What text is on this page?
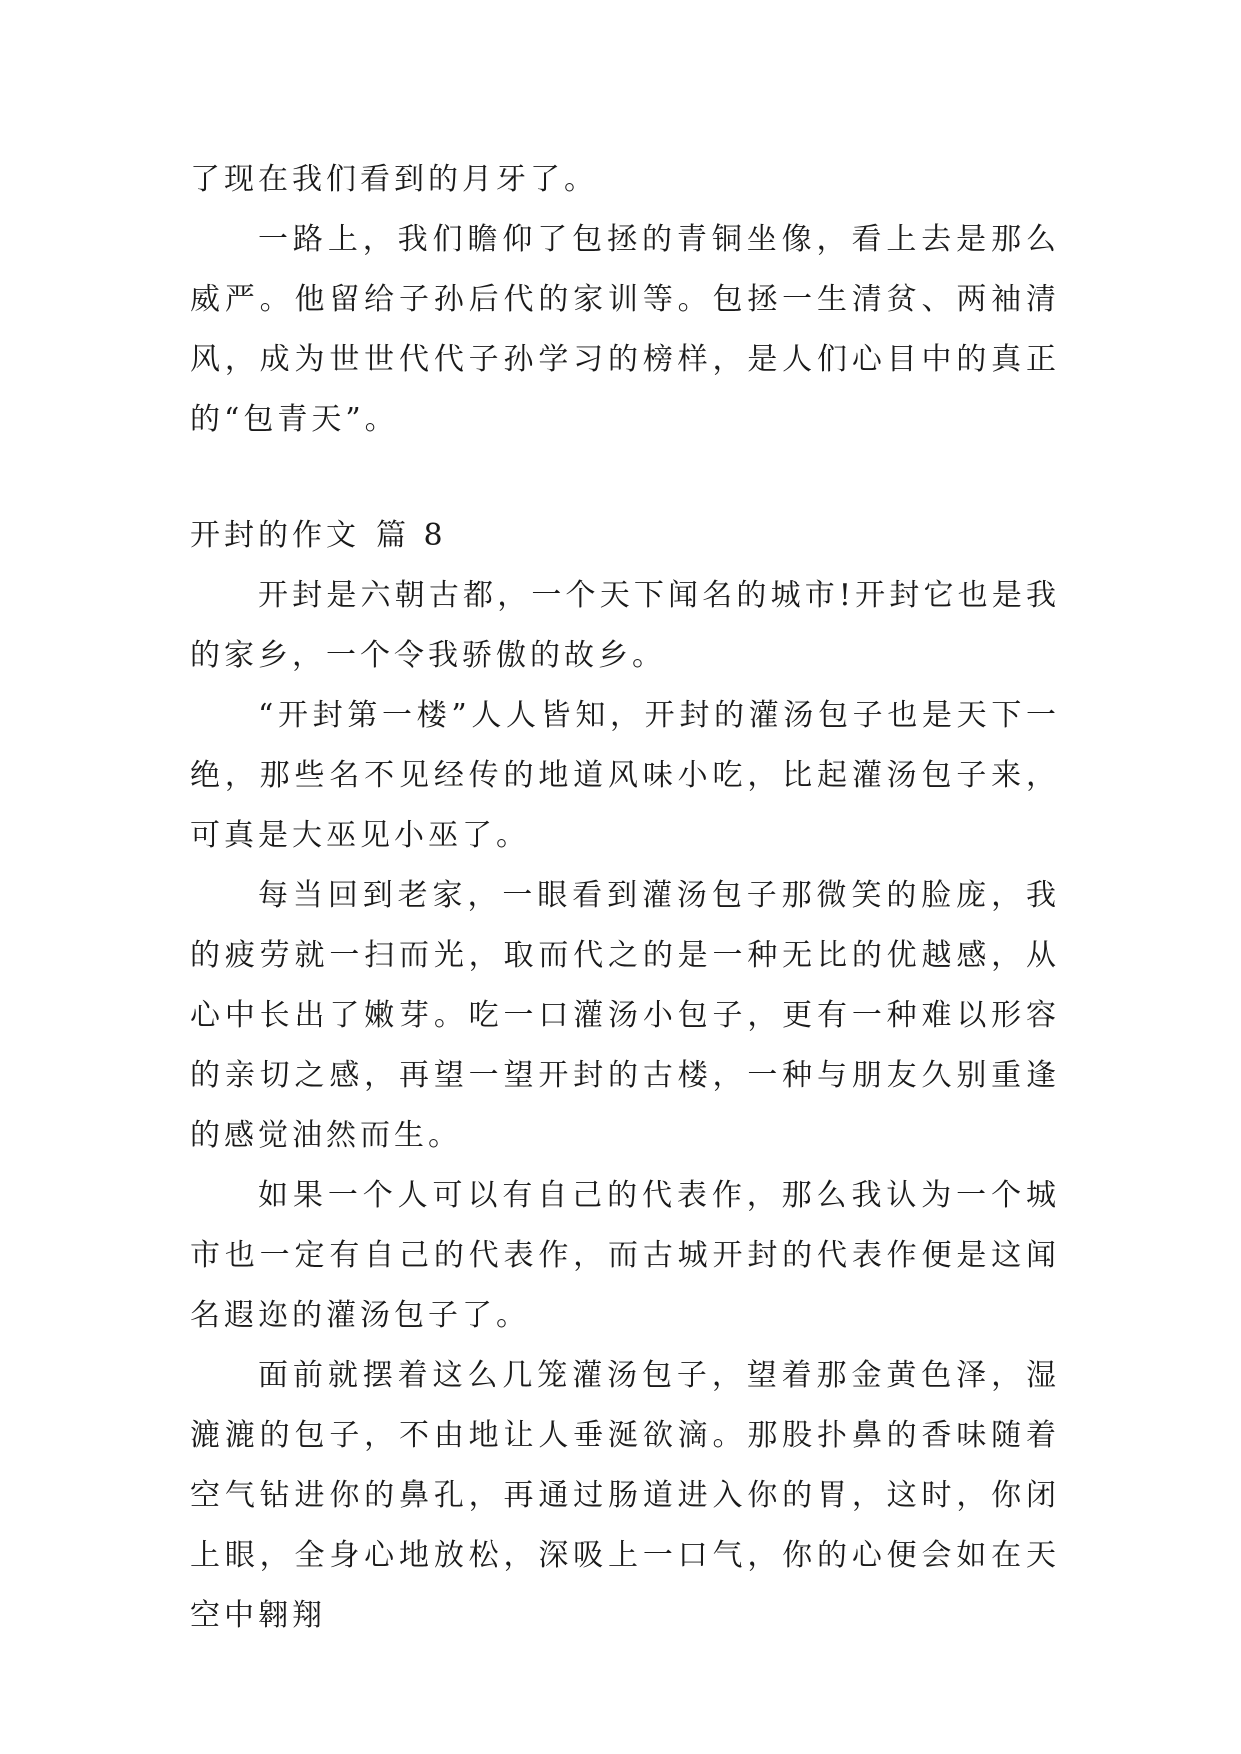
了现在我们看到的月牙了。

一路上，我们瞻仰了包拯的青铜坐像，看上去是那么威严。他留给子孙后代的家训等。包拯一生清贫、两袖清风，成为世世代代子孙学习的榜样，是人们心目中的真正的“包青天”。

开封的作文 篇 8

开封是六朝古都，一个天下闻名的城市!开封它也是我的家乡，一个令我骄傲的故乡。

“开封第一楼”人人皆知，开封的灌汤包子也是天下一绝，那些名不见经传的地道风味小吃，比起灌汤包子来，可真是大巫见小巫了。

每当回到老家，一眼看到灌汤包子那微笑的脸庞，我的疲劳就一扫而光，取而代之的是一种无比的优越感，从心中长出了嫩芽。吃一口灌汤小包子，更有一种难以形容的亲切之感，再望一望开封的古楼，一种与朋友久别重逢的感觉油然而生。

如果一个人可以有自己的代表作，那么我认为一个城市也一定有自己的代表作，而古城开封的代表作便是这闻名遐迩的灌汤包子了。

面前就摆着这么几笼灌汤包子，望着那金黄色泽，湿漉漉的包子，不由地让人垂涎欲滴。那股扑鼻的香味随着空气钻进你的鼻孔，再通过肠道进入你的胃，这时，你闭上眼，全身心地放松，深吸上一口气，你的心便会如在天空中翱翔
